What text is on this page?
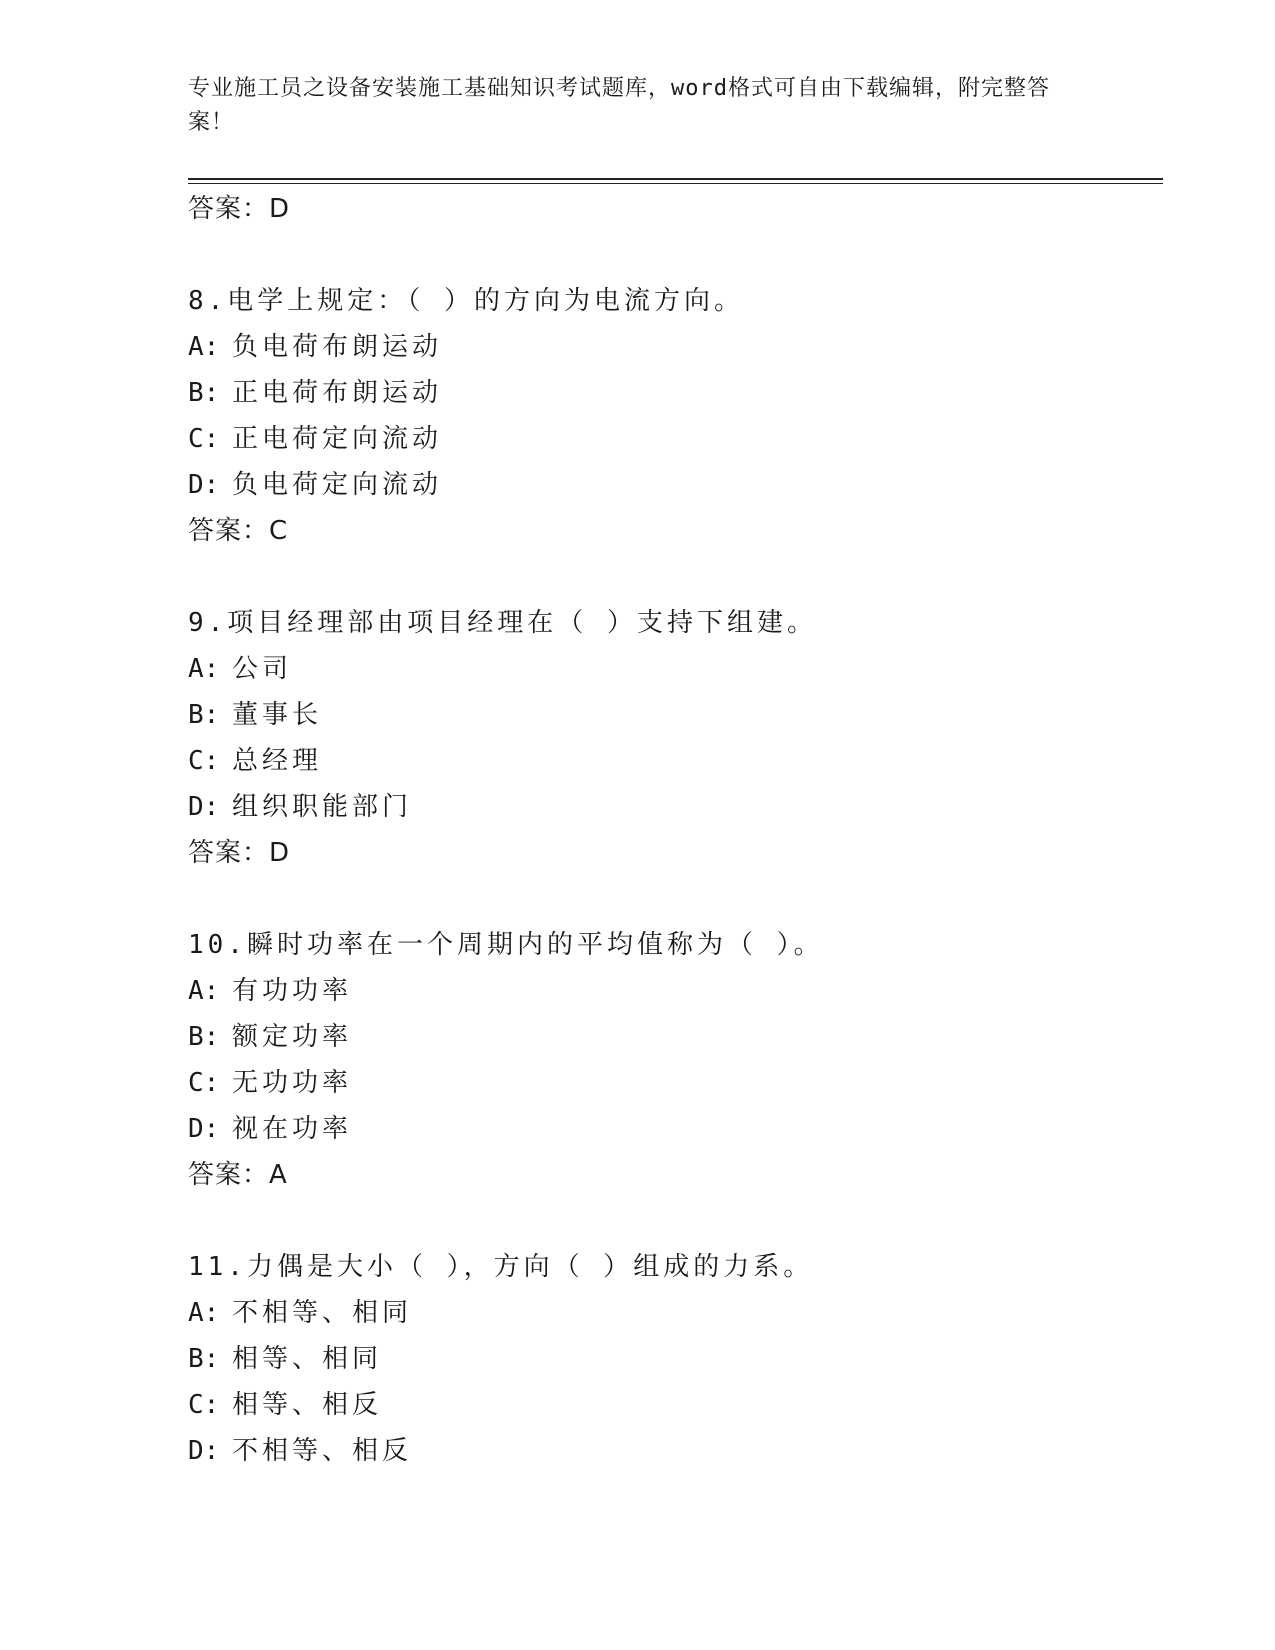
专业施工员之设备安装施工基础知识考试题库，word格式可自由下载编辑，附完整答案！
答案：D
8.电学上规定：（ ）的方向为电流方向。
A: 负电荷布朗运动
B: 正电荷布朗运动
C: 正电荷定向流动
D: 负电荷定向流动
答案：C
9.项目经理部由项目经理在（ ）支持下组建。
A: 公司
B: 董事长
C: 总经理
D: 组织职能部门
答案：D
10.瞬时功率在一个周期内的平均值称为（ ）。
A: 有功功率
B: 额定功率
C: 无功功率
D: 视在功率
答案：A
11.力偶是大小（ ），方向（ ）组成的力系。
A: 不相等、相同
B: 相等、相同
C: 相等、相反
D: 不相等、相反
